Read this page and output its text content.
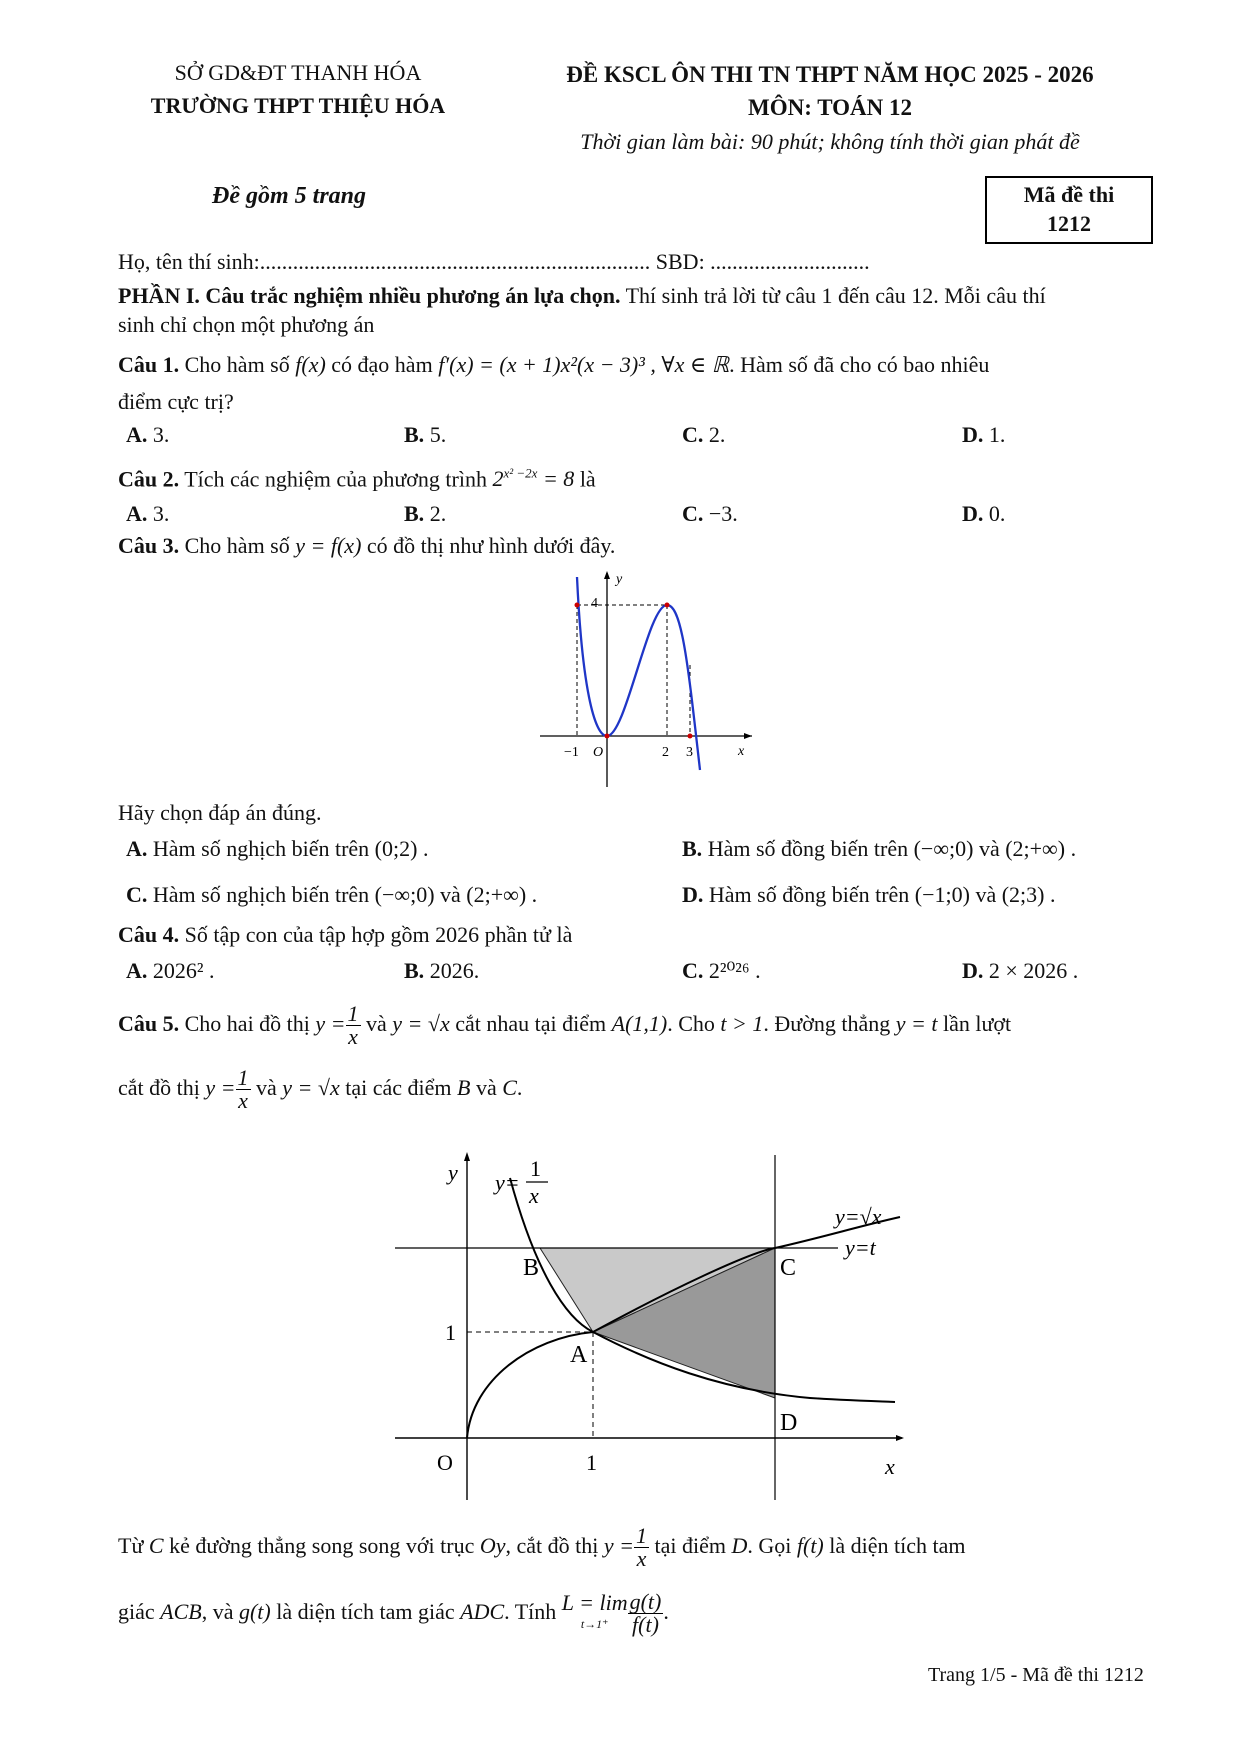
SỞ GD&ĐT THANH HÓA
TRƯỜNG THPT THIỆU HÓA
ĐỀ KSCL ÔN THI TN THPT NĂM HỌC 2025 - 2026
MÔN: TOÁN 12
Thời gian làm bài: 90 phút; không tính thời gian phát đề
Đề gồm 5 trang	Mã đề thi
1212
Họ, tên thí sinh:....................................................................... SBD: .............................
PHẦN I. Câu trắc nghiệm nhiều phương án lựa chọn. Thí sinh trả lời từ câu 1 đến câu 12. Mỗi câu thí
sinh chỉ chọn một phương án
Câu 1. Cho hàm số f(x) có đạo hàm f′(x) = (x + 1)x²(x − 3)³ , ∀x ∈ ℝ. Hàm số đã cho có bao nhiêu
điểm cực trị?
A. 3.	B. 5.	C. 2.	D. 1.
Câu 2. Tích các nghiệm của phương trình $2^{x^2 -2x} = 8$ là
A. 3.	B. 2.	C. −3.	D. 0.
Câu 3. Cho hàm số y = f(x) có đồ thị như hình dưới đây.
y
4
−1 O	2 3	x
Hãy chọn đáp án đúng.
A. Hàm số nghịch biến trên (0;2) .	B. Hàm số đồng biến trên (−∞;0) và (2;+∞) .
C. Hàm số nghịch biến trên (−∞;0) và (2;+∞) .	D. Hàm số đồng biến trên (−1;0) và (2;3) .
Câu 4. Số tập con của tập hợp gồm 2026 phần tử là
A. 2026² .	B. 2026.	C. 2²⁰²⁶ .	D. 2 × 2026 .
Câu 5. Cho hai đồ thị $y = \frac{1}{x}$ và y = √x cắt nhau tại điểm A(1,1). Cho t > 1. Đường thẳng y = t lần lượt
cắt đồ thị $y = \frac{1}{x}$ và y = √x tại các điểm B và C.
y
x
O	1
1
A
B	C
D
y=
1
x
y=√x
y=t
Từ C kẻ đường thẳng song song với trục Oy, cắt đồ thị $y = \frac{1}{x}$ tại điểm D. Gọi f(t) là diện tích tam
giác ACB, và g(t) là diện tích tam giác ADC. Tính L = lim
$t\to 1^+ \frac{g(t)}{f(t)}$ .
Trang 1/5 - Mã đề thi 1212
